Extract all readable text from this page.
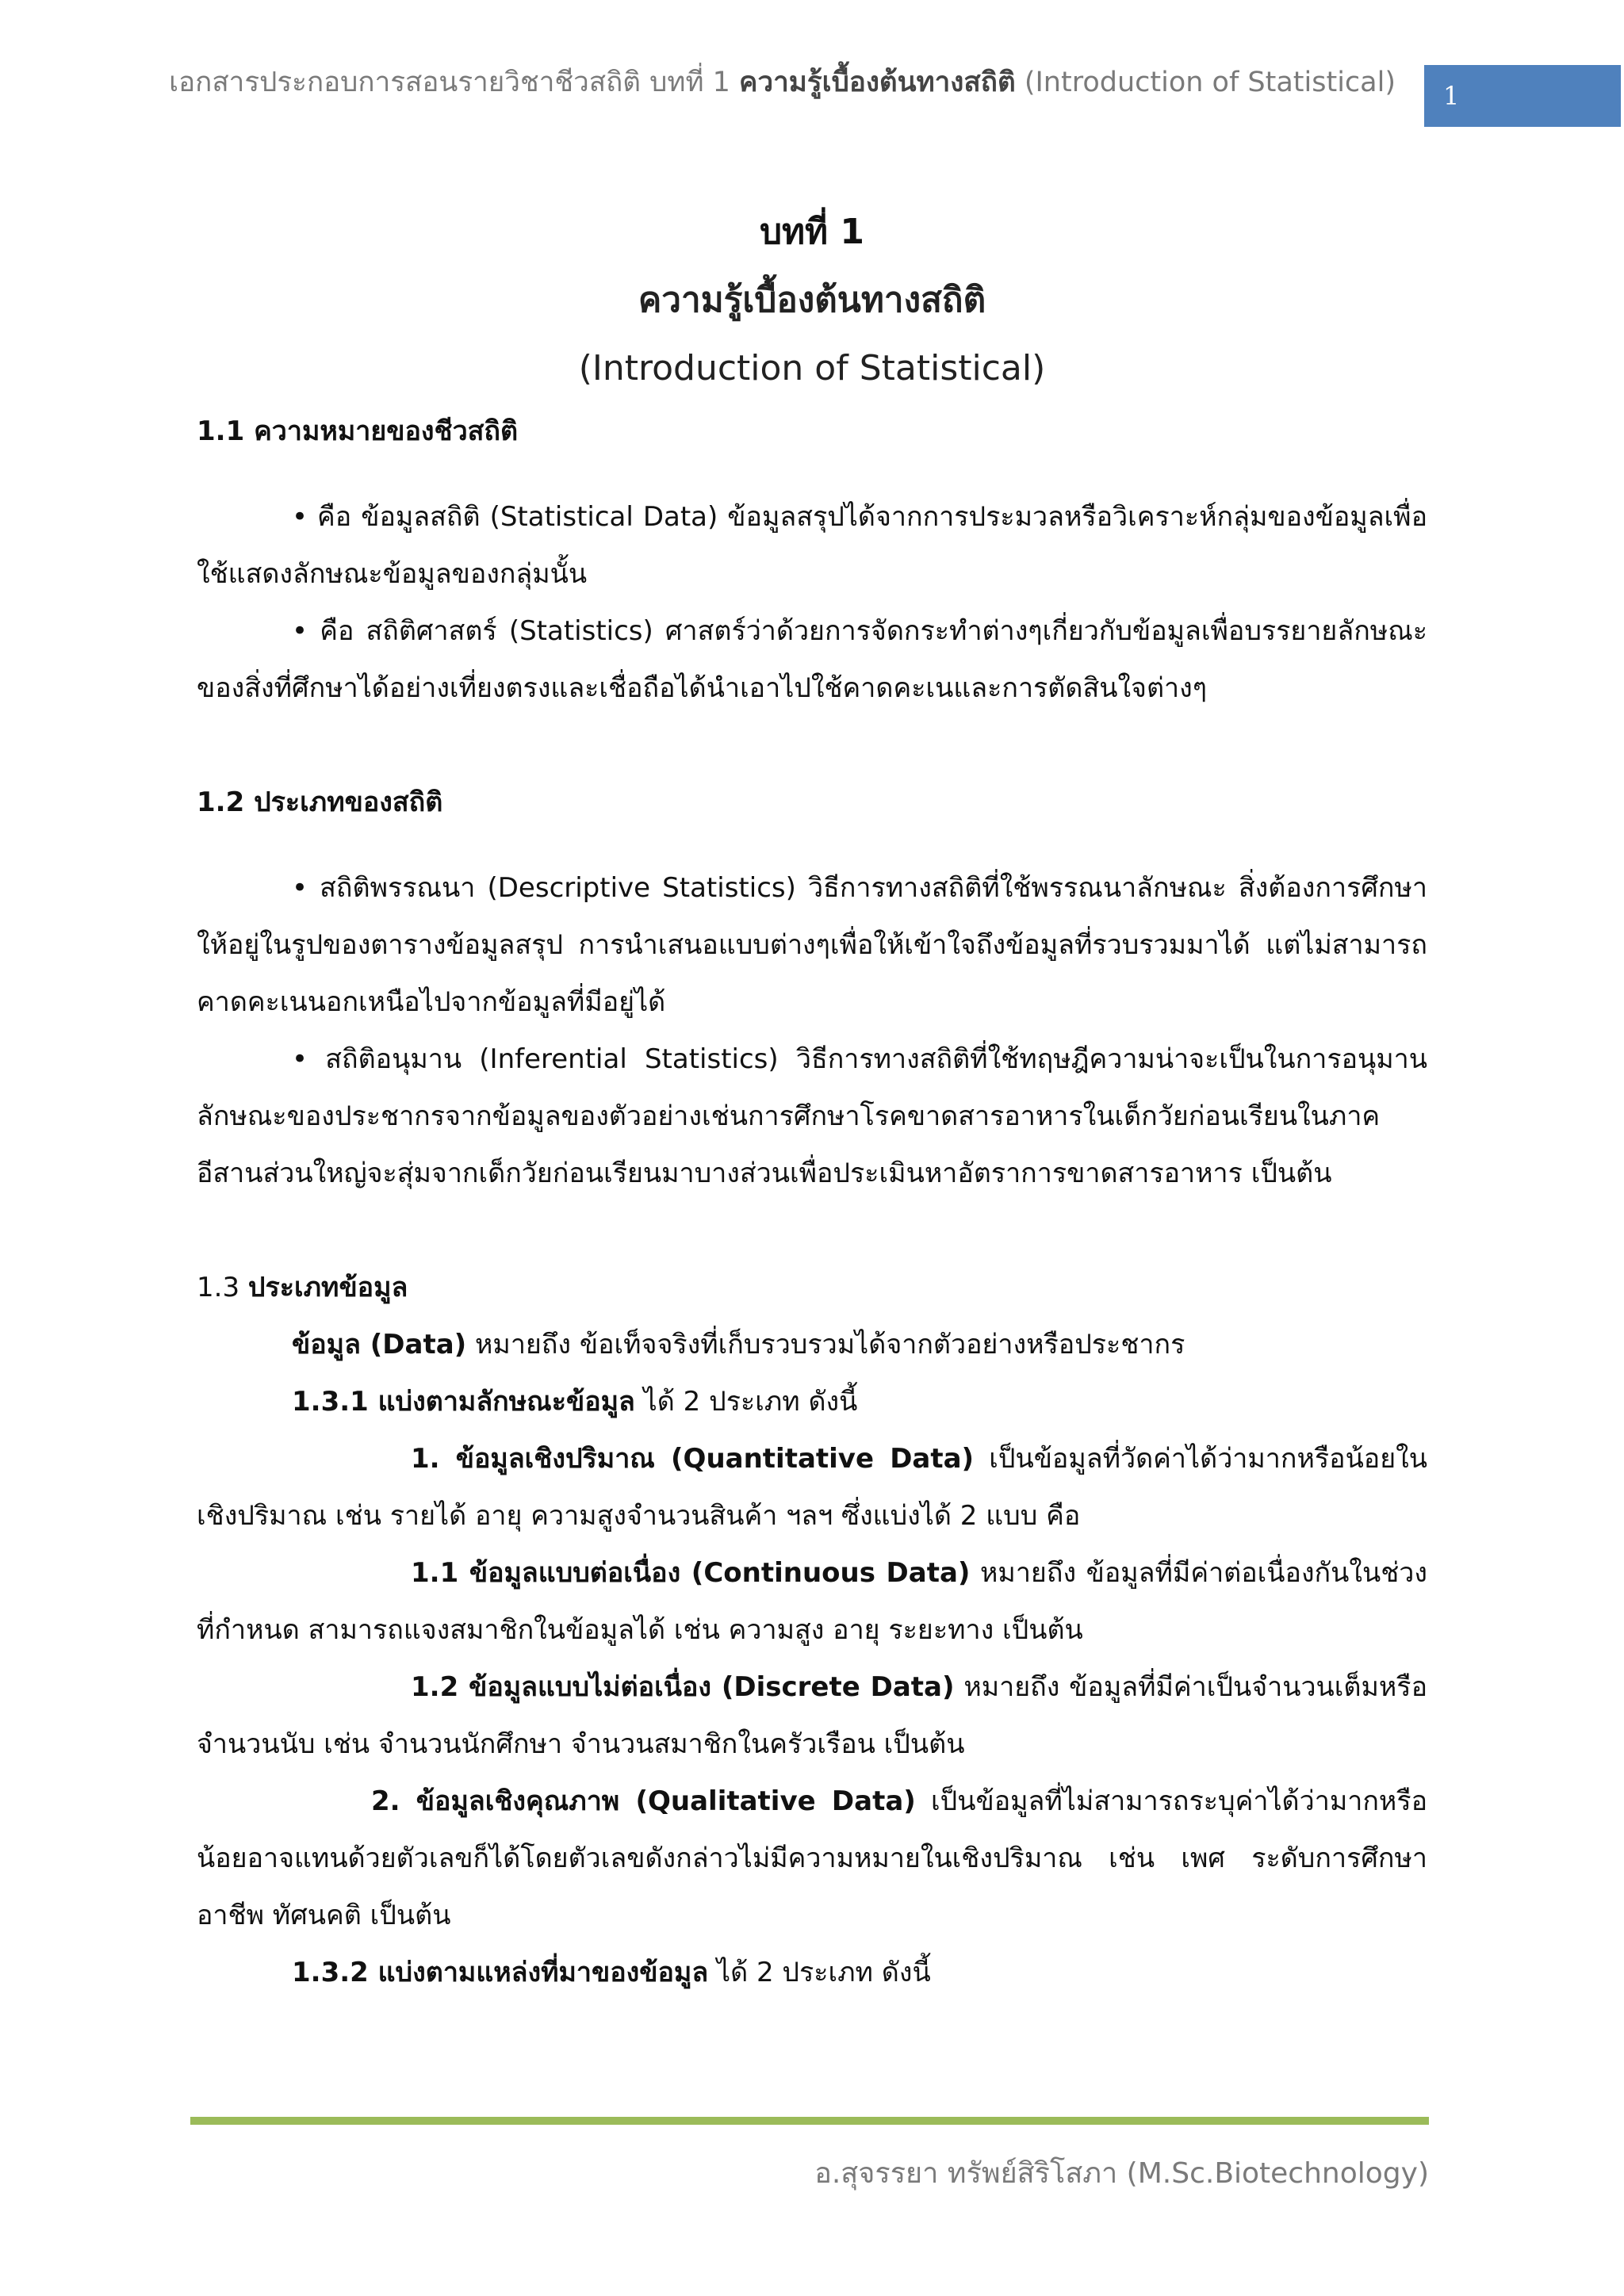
เอกสารประกอบการสอนรายวิชาชีวสถิติ บทที่ 1 ความรู้เบื้องต้นทางสถิติ (Introduction of Statistical)	1
บทที่ 1
ความรู้เบื้องต้นทางสถิติ
(Introduction of Statistical)

1.1 ความหมายของชีวสถิติ

• คือ ข้อมูลสถิติ (Statistical Data) ข้อมูลสรุปได้จากการประมวลหรือวิเคราะห์กลุ่มของข้อมูลเพื่อใช้แสดงลักษณะข้อมูลของกลุ่มนั้น

• คือ สถิติศาสตร์ (Statistics) ศาสตร์ว่าด้วยการจัดกระทำต่างๆเกี่ยวกับข้อมูลเพื่อบรรยายลักษณะของสิ่งที่ศึกษาได้อย่างเที่ยงตรงและเชื่อถือได้นำเอาไปใช้คาดคะเนและการตัดสินใจต่างๆ

1.2 ประเภทของสถิติ

• สถิติพรรณนา (Descriptive Statistics) วิธีการทางสถิติที่ใช้พรรณนาลักษณะ สิ่งต้องการศึกษาให้อยู่ในรูปของตารางข้อมูลสรุป การนำเสนอแบบต่างๆเพื่อให้เข้าใจถึงข้อมูลที่รวบรวมมาได้ แต่ไม่สามารถคาดคะเนนอกเหนือไปจากข้อมูลที่มีอยู่ได้

• สถิติอนุมาน (Inferential Statistics) วิธีการทางสถิติที่ใช้ทฤษฎีความน่าจะเป็นในการอนุมานลักษณะของประชากรจากข้อมูลของตัวอย่างเช่นการศึกษาโรคขาดสารอาหารในเด็กวัยก่อนเรียนในภาคอีสานส่วนใหญ่จะสุ่มจากเด็กวัยก่อนเรียนมาบางส่วนเพื่อประเมินหาอัตราการขาดสารอาหาร เป็นต้น

1.3 ประเภทข้อมูล

ข้อมูล (Data) หมายถึง ข้อเท็จจริงที่เก็บรวบรวมได้จากตัวอย่างหรือประชากร

1.3.1 แบ่งตามลักษณะข้อมูล ได้ 2 ประเภท ดังนี้

1. ข้อมูลเชิงปริมาณ (Quantitative Data) เป็นข้อมูลที่วัดค่าได้ว่ามากหรือน้อยในเชิงปริมาณ เช่น รายได้ อายุ ความสูงจำนวนสินค้า ฯลฯ ซึ่งแบ่งได้ 2 แบบ คือ

1.1 ข้อมูลแบบต่อเนื่อง (Continuous Data) หมายถึง ข้อมูลที่มีค่าต่อเนื่องกันในช่วงที่กำหนด สามารถแจงสมาชิกในข้อมูลได้ เช่น ความสูง อายุ ระยะทาง เป็นต้น

1.2 ข้อมูลแบบไม่ต่อเนื่อง (Discrete Data) หมายถึง ข้อมูลที่มีค่าเป็นจำนวนเต็มหรือจำนวนนับ เช่น จำนวนนักศึกษา จำนวนสมาชิกในครัวเรือน เป็นต้น

2. ข้อมูลเชิงคุณภาพ (Qualitative Data) เป็นข้อมูลที่ไม่สามารถระบุค่าได้ว่ามากหรือ น้อยอาจแทนด้วยตัวเลขก็ได้โดยตัวเลขดังกล่าวไม่มีความหมายในเชิงปริมาณ เช่น เพศ ระดับการศึกษา อาชีพ ทัศนคติ เป็นต้น

1.3.2 แบ่งตามแหล่งที่มาของข้อมูล ได้ 2 ประเภท ดังนี้

อ.สุจรรยา ทรัพย์สิริโสภา (M.Sc.Biotechnology)
